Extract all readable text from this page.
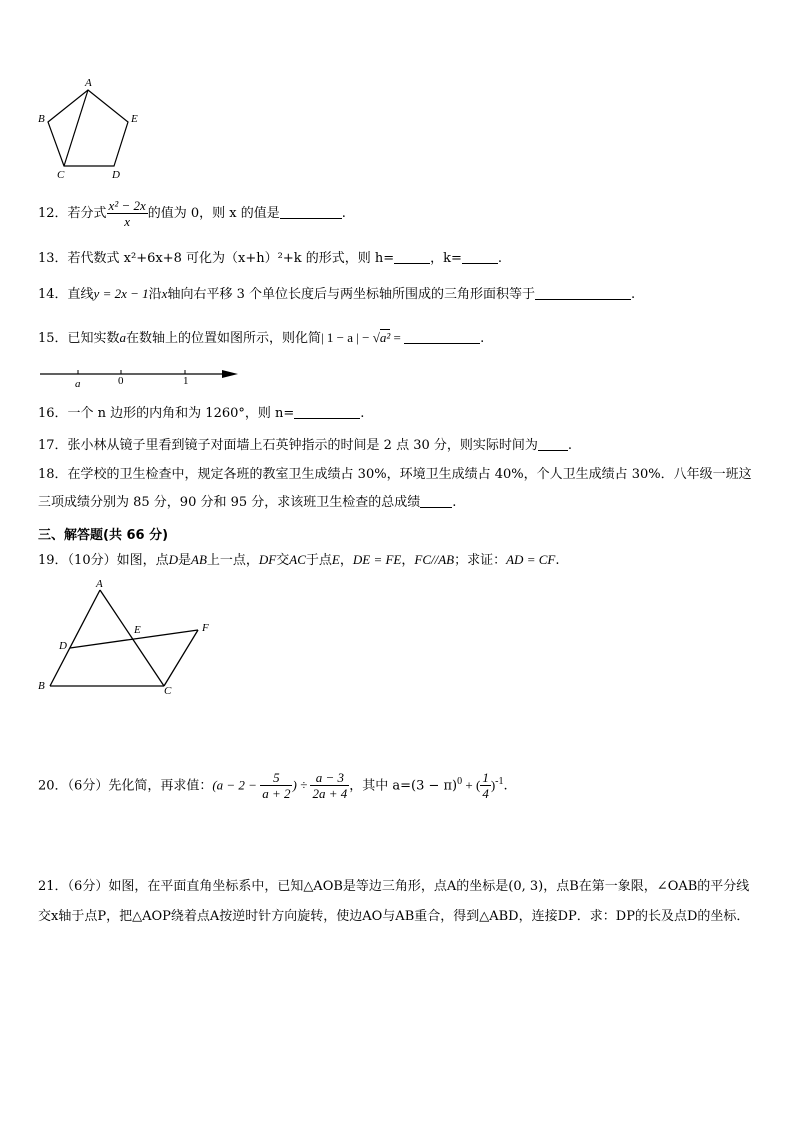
A
B
C	D
E
12．若分式 $\frac{\text{x² − 2x}}{x}$ 的值为 0，则 x 的值是	.
13．若代数式 x²+6x+8 可化为（x+h）²+k 的形式，则 h=	，k=	.
14．直线y = 2x − 1沿x轴向右平移 3 个单位长度后与两坐标轴所围成的三角形面积等于	.
15．已知实数a在数轴上的位置如图所示，则化简| 1 − a | − √a² =	.
a	0	1
16．一个 n 边形的内角和为 1260°，则 n=	.
17．张小林从镜子里看到镜子对面墙上石英钟指示的时间是 2 点 30 分，则实际时间为 .
18．在学校的卫生检查中，规定各班的教室卫生成绩占 30%，环境卫生成绩占 40%，个人卫生成绩占 30%．八年级一班这三项成绩分别为 85 分，90 分和 95 分，求该班卫生检查的总成绩 .
三、解答题(共 66 分)
19．（10分）如图，点D是AB上一点，DF交AC于点E，DE = FE，FC//AB；求证：AD = CF.
A
B	C
D
E	F
20．（6分）先化简，再求值：($a - 2 - \frac{5}{a + 2}$ ) ÷ $\frac{a - 3}{2a + 4}$ ，其中 $a=(3 - \pi)^0$ + ( $\frac{1}{4} )^{-1}$.
21．（6分）如图，在平面直角坐标系中，已知△AOB是等边三角形，点A的坐标是(0, 3)，点B在第一象限，∠OAB的平分线交x轴于点P，把△AOP绕着点A按逆时针方向旋转，使边AO与AB重合，得到△ABD，连接DP．求：DP的长及点D的坐标．
